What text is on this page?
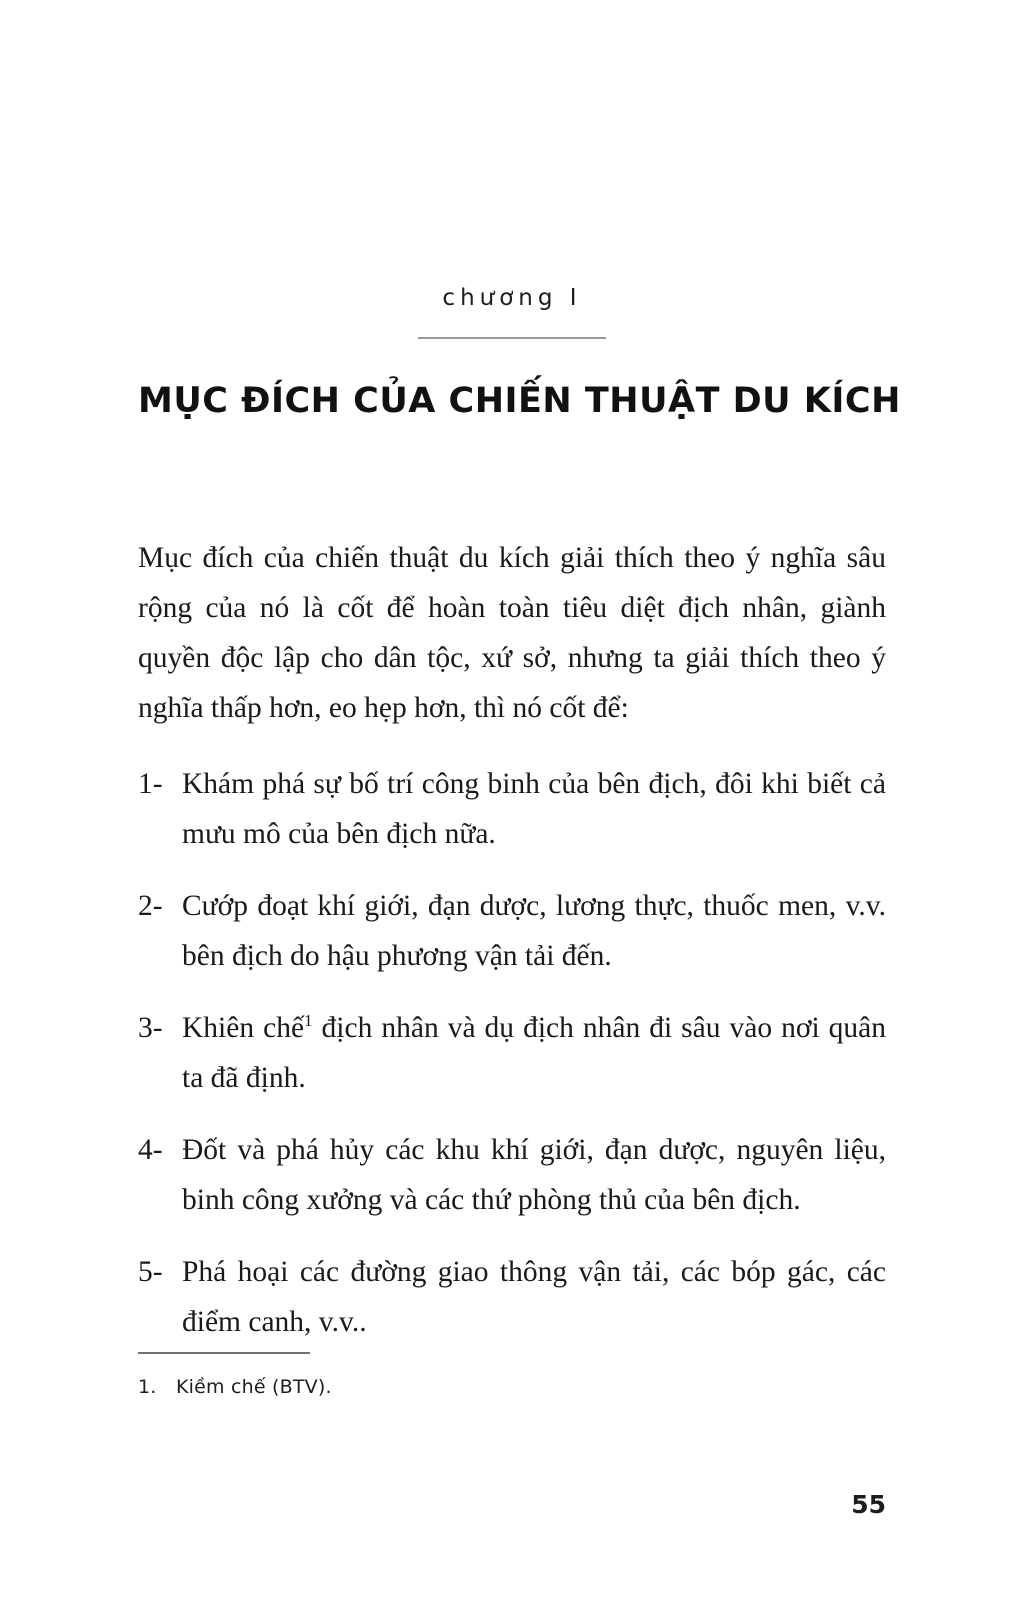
chương I
MỤC ĐÍCH CỦA CHIẾN THUẬT DU KÍCH

Mục đích của chiến thuật du kích giải thích theo ý nghĩa sâu rộng của nó là cốt để hoàn toàn tiêu diệt địch nhân, giành quyền độc lập cho dân tộc, xứ sở, nhưng ta giải thích theo ý nghĩa thấp hơn, eo hẹp hơn, thì nó cốt để:

1- Khám phá sự bố trí công binh của bên địch, đôi khi biết cả mưu mô của bên địch nữa.
2- Cướp đoạt khí giới, đạn dược, lương thực, thuốc men, v.v. bên địch do hậu phương vận tải đến.
3- Khiên chế$^1$ địch nhân và dụ địch nhân đi sâu vào nơi quân ta đã định.
4- Đốt và phá hủy các khu khí giới, đạn dược, nguyên liệu, binh công xưởng và các thứ phòng thủ của bên địch.
5- Phá hoại các đường giao thông vận tải, các bóp gác, các điểm canh, v.v..
1. Kiềm chế (BTV).
55
